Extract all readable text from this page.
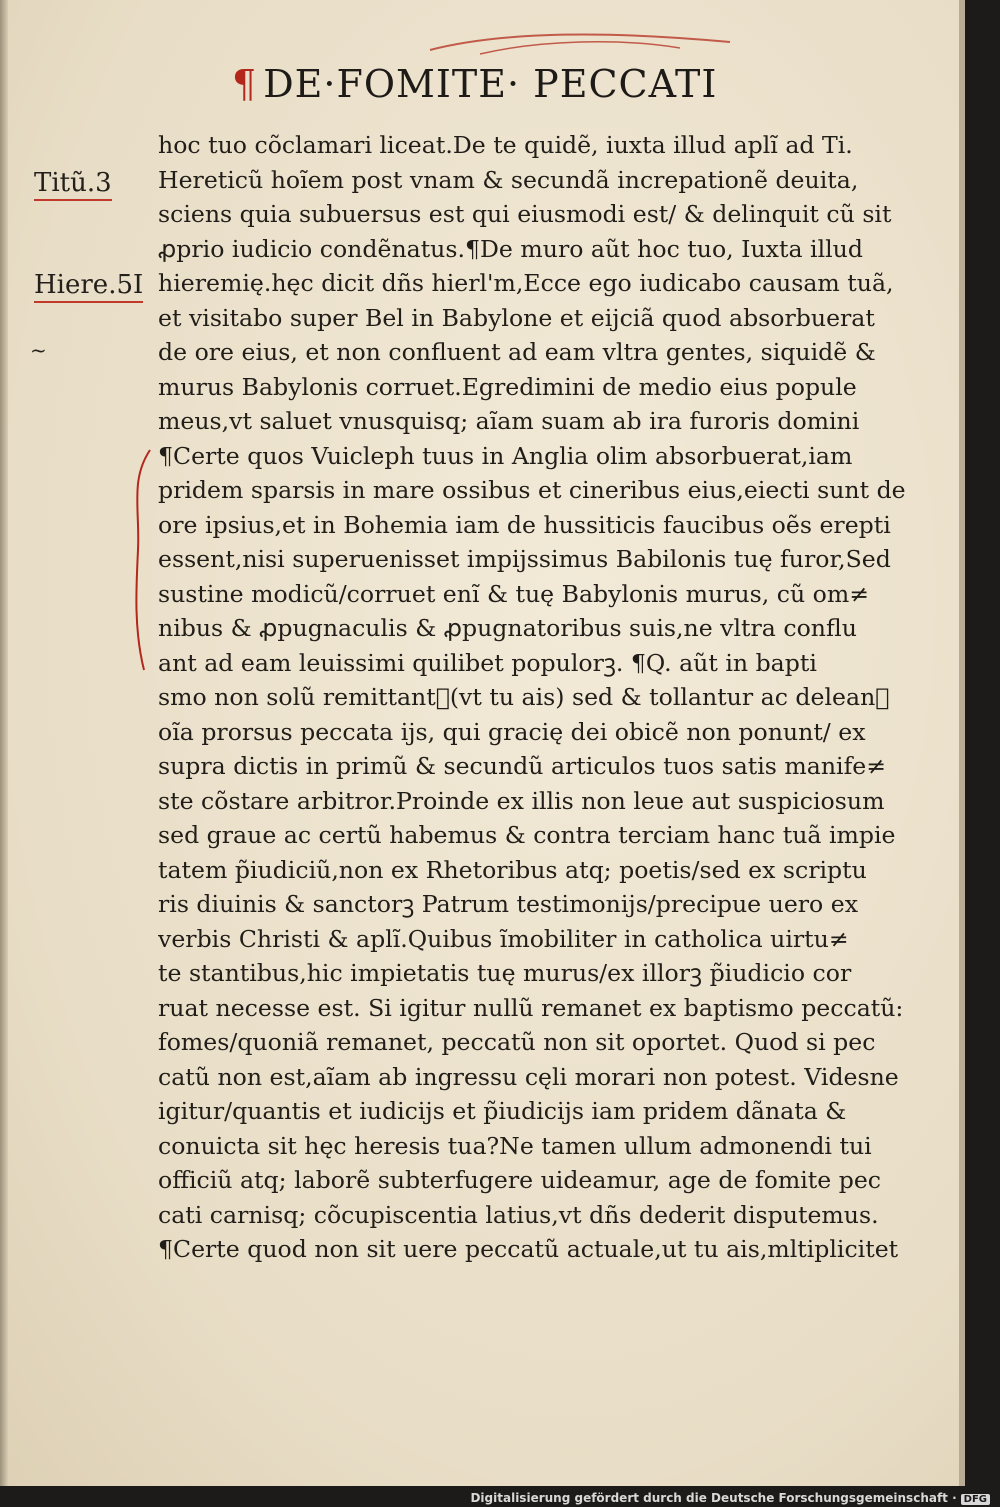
¶ DE·FOMITE· PECCATI
Titũ.3
Hiere.5I
~
hoc tuo cõclamari liceat.De te quidẽ, iuxta illud aplĩ ad Ti.
Hereticũ hoĩem post vnam & secundã increpationẽ deuita,
sciens quia subuersus est qui eiusmodi est/ & delinquit cũ sit
ꝓprio iudicio condẽnatus.¶De muro aũt hoc tuo, Iuxta illud
hieremię.hęc dicit dñs hierl'm,Ecce ego iudicabo causam tuã,
et visitabo super Bel in Babylone et eijciã quod absorbuerat
de ore eius, et non confluent ad eam vltra gentes, siquidẽ &
murus Babylonis corruet.Egredimini de medio eius popule
meus,vt saluet vnusquisq; aĩam suam ab ira furoris domini
¶Certe quos Vuicleph tuus in Anglia olim absorbuerat,iam
pridem sparsis in mare ossibus et cineribus eius,eiecti sunt de
ore ipsius,et in Bohemia iam de hussiticis faucibus oẽs erepti
essent,nisi superuenisset impijssimus Babilonis tuę furor,Sed
sustine modicũ/corruet enĩ & tuę Babylonis murus, cũ om≠
nibus & ꝓpugnaculis & ꝓpugnatoribus suis,ne vltra conflu
ant ad eam leuissimi quilibet populorꝫ. ¶Q. aũt in bapti
smo non solũ remittantᷓ(vt tu ais) sed & tollantur ac deleanᷓ
oĩa prorsus peccata ijs, qui gracię dei obicẽ non ponunt/ ex
supra dictis in primũ & secundũ articulos tuos satis manife≠
ste cõstare arbitror.Proinde ex illis non leue aut suspiciosum
sed graue ac certũ habemus & contra terciam hanc tuã impie
tatem p̃iudiciũ,non ex Rhetoribus atq; poetis/sed ex scriptu
ris diuinis & sanctorꝫ Patrum testimonijs/precipue uero ex
verbis Christi & aplĩ.Quibus ĩmobiliter in catholica uirtu≠
te stantibus,hic impietatis tuę murus/ex illorꝫ p̃iudicio cor
ruat necesse est. Si igitur nullũ remanet ex baptismo peccatũ:
fomes/quoniã remanet, peccatũ non sit oportet. Quod si pec
catũ non est,aĩam ab ingressu cęli morari non potest. Videsne
igitur/quantis et iudicijs et p̃iudicijs iam pridem dãnata &
conuicta sit hęc heresis tua?Ne tamen ullum admonendi tui
officiũ atq; laborẽ subterfugere uideamur, age de fomite pec
cati carnisq; cõcupiscentia latius,vt dñs dederit disputemus.
¶Certe quod non sit uere peccatũ actuale,ut tu ais,mltiplicitet
Digitalisierung gefördert durch die Deutsche Forschungsgemeinschaft · DFG
